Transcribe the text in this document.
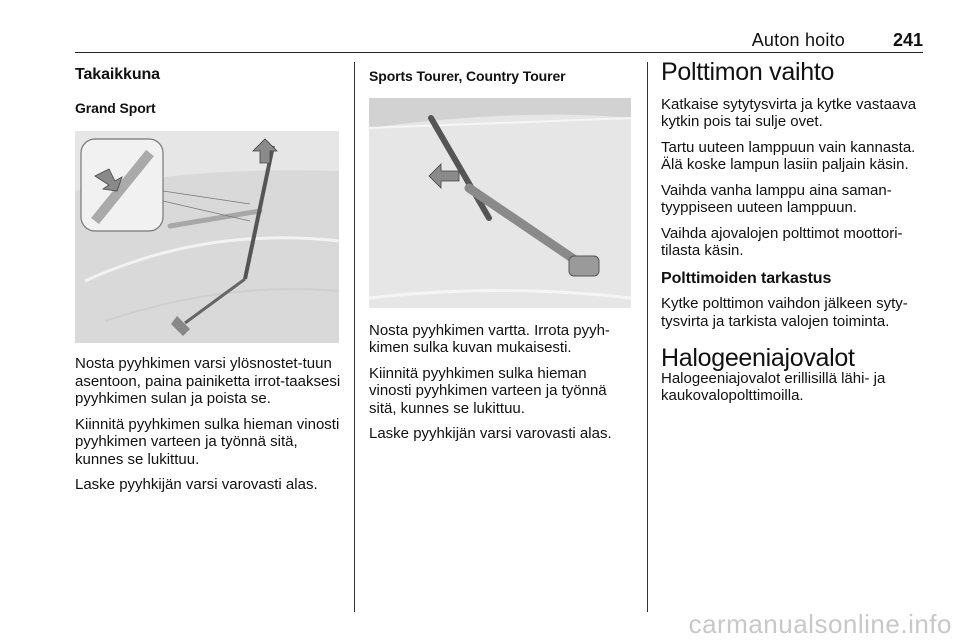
Auton hoito	241
Takaikkuna
Grand Sport

Nosta pyyhkimen varsi ylösnostet-tuun asentoon, paina painiketta irrot-taaksesi pyyhkimen sulan ja poista se.

Kiinnitä pyyhkimen sulka hieman vinosti pyyhkimen varteen ja työnnä sitä, kunnes se lukittuu.

Laske pyyhkijän varsi varovasti alas.

Sports Tourer, Country Tourer

Nosta pyyhkimen vartta. Irrota pyyh-kimen sulka kuvan mukaisesti.

Kiinnitä pyyhkimen sulka hieman vinosti pyyhkimen varteen ja työnnä sitä, kunnes se lukittuu.

Laske pyyhkijän varsi varovasti alas.

Polttimon vaihto

Katkaise sytytysvirta ja kytke vastaava kytkin pois tai sulje ovet.

Tartu uuteen lamppuun vain kannasta. Älä koske lampun lasiin paljain käsin.

Vaihda vanha lamppu aina saman-tyyppiseen uuteen lamppuun.

Vaihda ajovalojen polttimot moottori-tilasta käsin.

Polttimoiden tarkastus

Kytke polttimon vaihdon jälkeen syty-tysvirta ja tarkista valojen toiminta.

Halogeeniajovalot

Halogeeniajovalot erillisillä lähi- ja kaukovalopolttimoilla.

carmanualsonline.info
